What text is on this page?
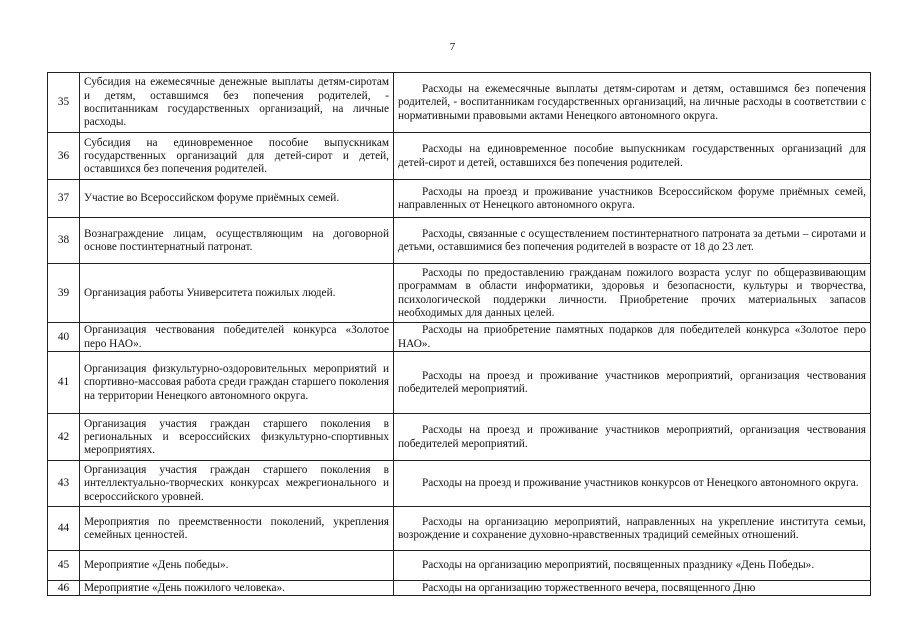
7
35	Субсидия на ежемесячные денежные выплаты детям-сиротам и детям, оставшимся без попечения родителей, - воспитанникам государственных организаций, на личные расходы.	Расходы на ежемесячные выплаты детям-сиротам и детям, оставшимся без попечения родителей, - воспитанникам государственных организаций, на личные расходы в соответствии с нормативными правовыми актами Ненецкого автономного округа.
36	Субсидия на единовременное пособие выпускникам государственных организаций для детей-сирот и детей, оставшихся без попечения родителей.	Расходы на единовременное пособие выпускникам государственных организаций для детей-сирот и детей, оставшихся без попечения родителей.
37	Участие во Всероссийском форуме приёмных семей.	Расходы на проезд и проживание участников Всероссийском форуме приёмных семей, направленных от Ненецкого автономного округа.
38	Вознаграждение лицам, осуществляющим на договорной основе постинтернатный патронат.	Расходы, связанные с осуществлением постинтернатного патроната за детьми – сиротами и детьми, оставшимися без попечения родителей в возрасте от 18 до 23 лет.
39	Организация работы Университета пожилых людей.	Расходы по предоставлению гражданам пожилого возраста услуг по общеразвивающим программам в области информатики, здоровья и безопасности, культуры и творчества, психологической поддержки личности. Приобретение прочих материальных запасов необходимых для данных целей.
40	Организация чествования победителей конкурса «Золотое перо НАО».	Расходы на приобретение памятных подарков для победителей конкурса «Золотое перо НАО».
41	Организация физкультурно-оздоровительных мероприятий и спортивно-массовая работа среди граждан старшего поколения на территории Ненецкого автономного округа.	Расходы на проезд и проживание участников мероприятий, организация чествования победителей мероприятий.
42	Организация участия граждан старшего поколения в региональных и всероссийских физкультурно-спортивных мероприятиях.	Расходы на проезд и проживание участников мероприятий, организация чествования победителей мероприятий.
43	Организация участия граждан старшего поколения в интеллектуально-творческих конкурсах межрегионального и всероссийского уровней.	Расходы на проезд и проживание участников конкурсов от Ненецкого автономного округа.
44	Мероприятия по преемственности поколений, укрепления семейных ценностей.	Расходы на организацию мероприятий, направленных на укрепление института семьи, возрождение и сохранение духовно-нравственных традиций семейных отношений.
45	Мероприятие «День победы».	Расходы на организацию мероприятий, посвященных празднику «День Победы».
46	Мероприятие «День пожилого человека».	Расходы на организацию торжественного вечера, посвященного Дню
